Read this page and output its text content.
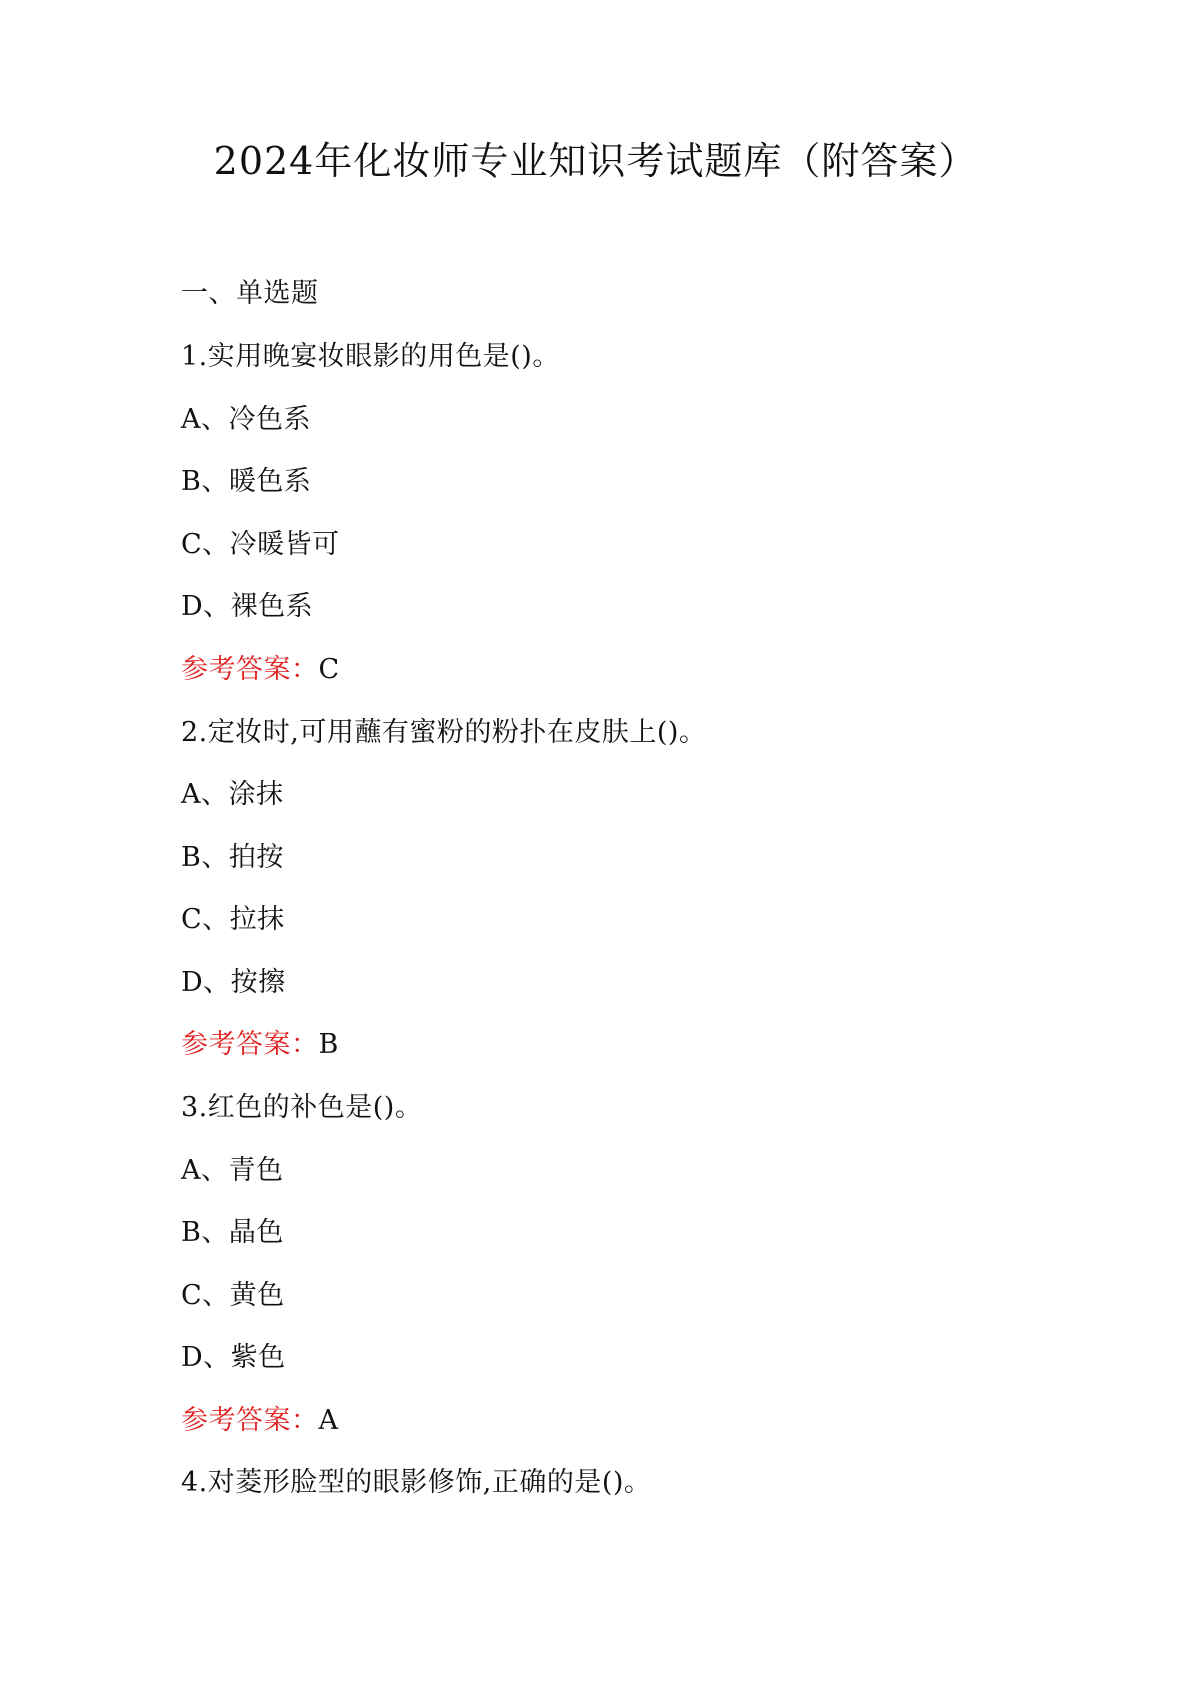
2024年化妆师专业知识考试题库（附答案）
一、单选题
1.实用晚宴妆眼影的用色是()。
A、冷色系
B、暖色系
C、冷暖皆可
D、裸色系
参考答案：C
2.定妆时,可用蘸有蜜粉的粉扑在皮肤上()。
A、涂抹
B、拍按
C、拉抹
D、按擦
参考答案：B
3.红色的补色是()。
A、青色
B、晶色
C、黄色
D、紫色
参考答案：A
4.对菱形脸型的眼影修饰,正确的是()。
